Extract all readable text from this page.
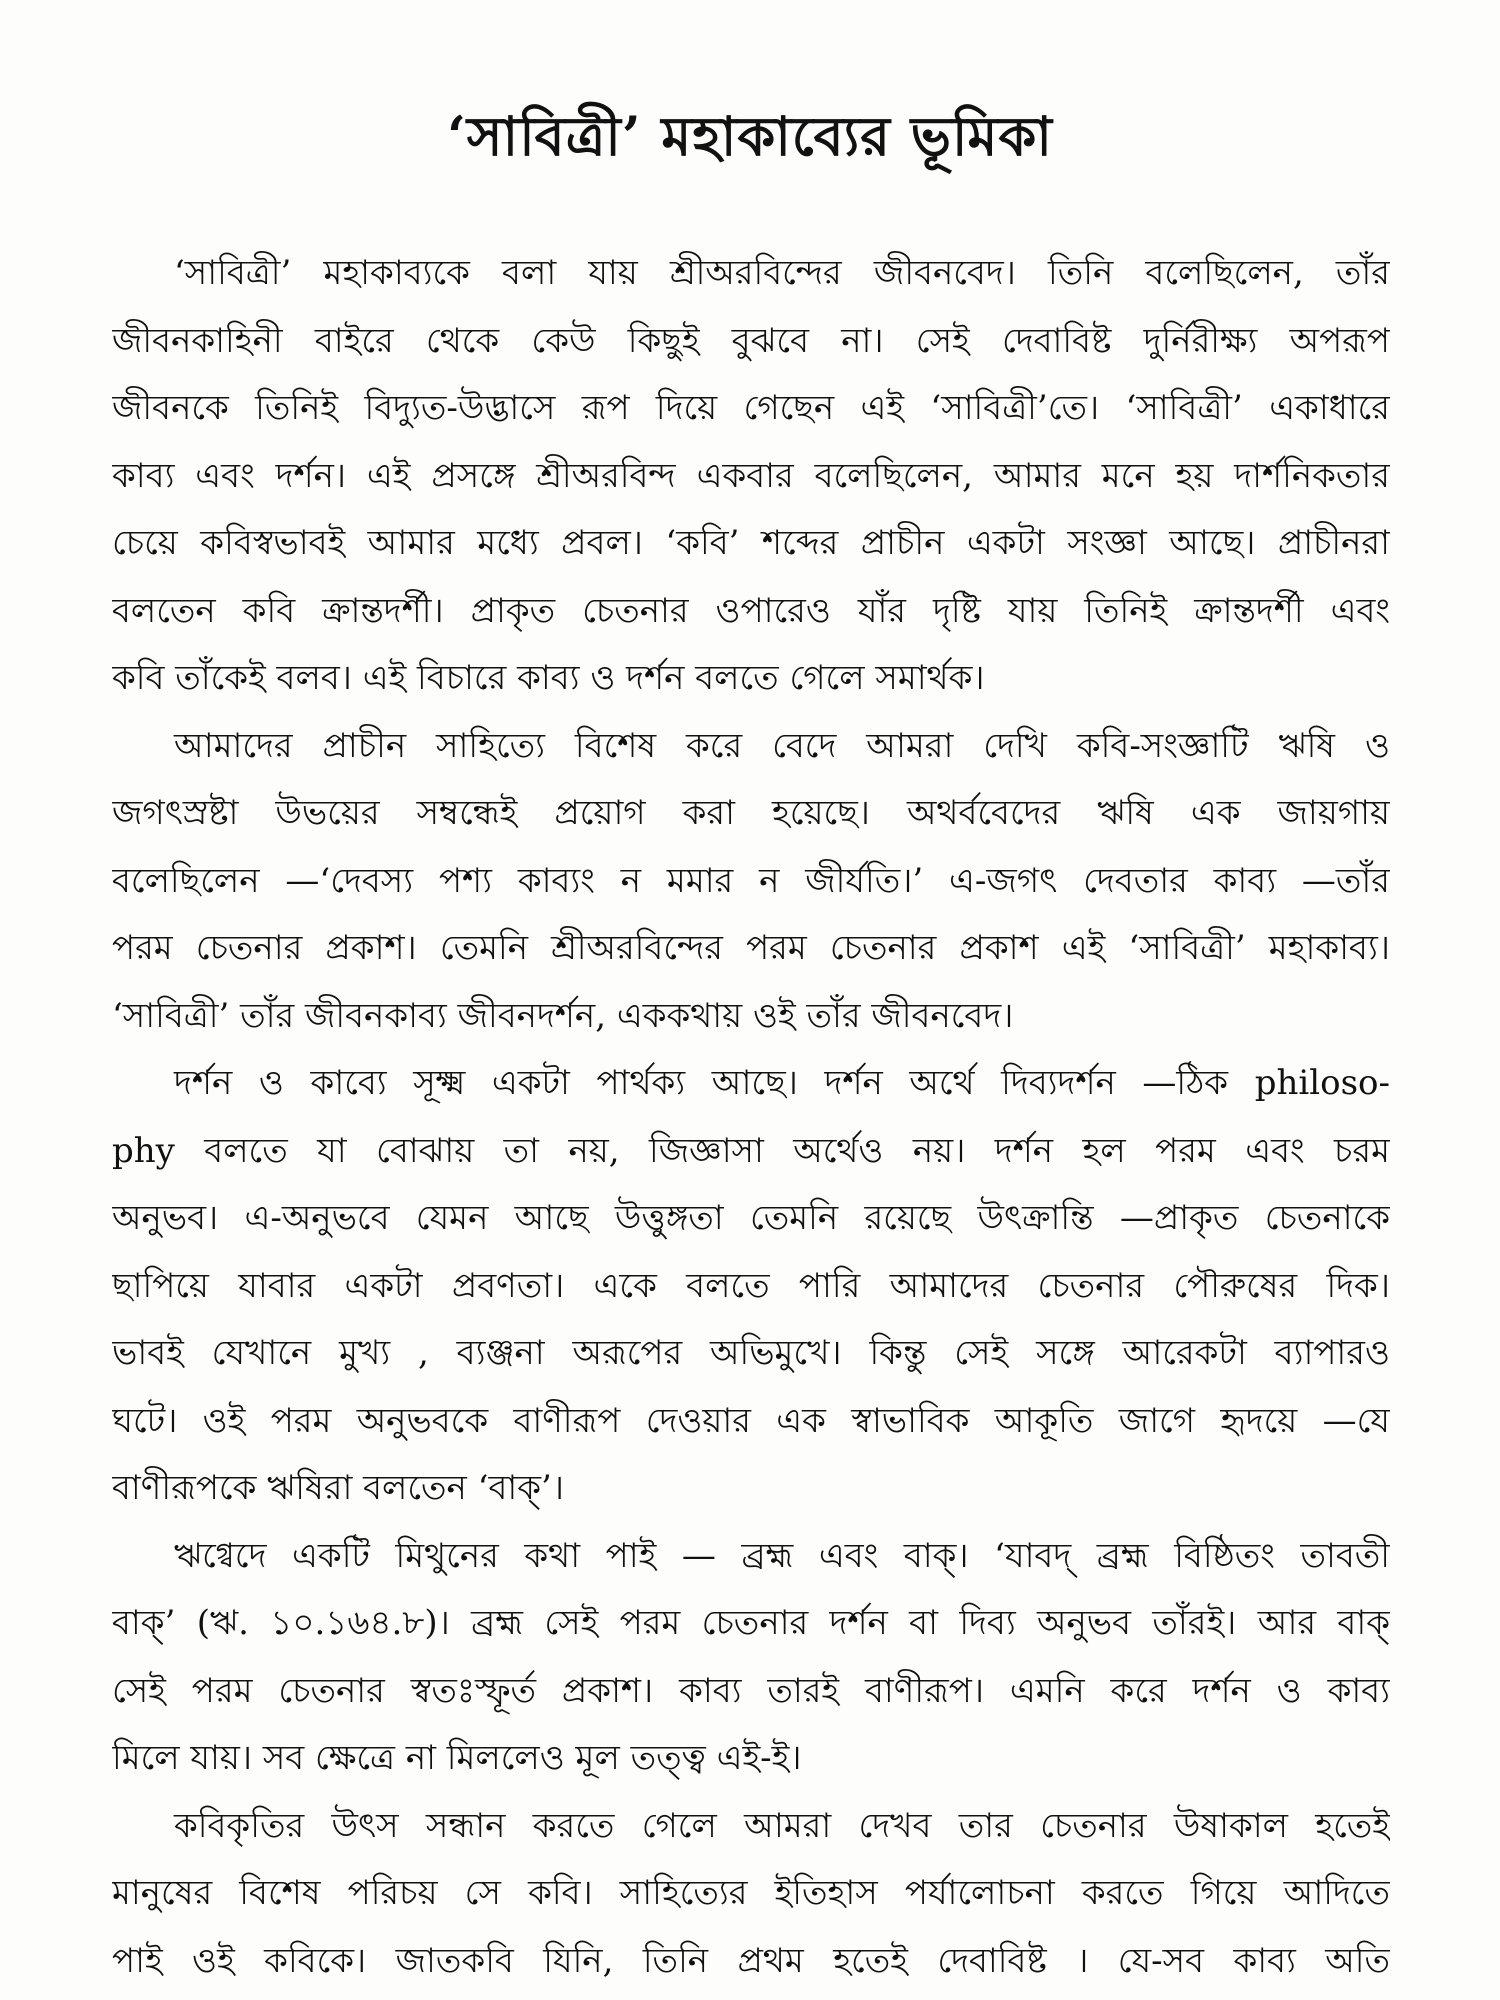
‘সাবিত্রী’ মহাকাব্যের ভূমিকা
‘সাবিত্রী’ মহাকাব্যকে বলা যায় শ্রীঅরবিন্দের জীবনবেদ। তিনি বলেছিলেন, তাঁর
জীবনকাহিনী বাইরে থেকে কেউ কিছুই বুঝবে না। সেই দেবাবিষ্ট দুর্নিরীক্ষ্য অপরূপ
জীবনকে তিনিই বিদ্যুত-উদ্ভাসে রূপ দিয়ে গেছেন এই ‘সাবিত্রী’তে। ‘সাবিত্রী’ একাধারে
কাব্য এবং দর্শন। এই প্রসঙ্গে শ্রীঅরবিন্দ একবার বলেছিলেন, আমার মনে হয় দার্শনিকতার
চেয়ে কবিস্বভাবই আমার মধ্যে প্রবল। ‘কবি’ শব্দের প্রাচীন একটা সংজ্ঞা আছে। প্রাচীনরা
বলতেন কবি ক্রান্তদর্শী। প্রাকৃত চেতনার ওপারেও যাঁর দৃষ্টি যায় তিনিই ক্রান্তদর্শী এবং
কবি তাঁকেই বলব। এই বিচারে কাব্য ও দর্শন বলতে গেলে সমার্থক।
আমাদের প্রাচীন সাহিত্যে বিশেষ করে বেদে আমরা দেখি কবি-সংজ্ঞাটি ঋষি ও
জগৎস্রষ্টা উভয়ের সম্বন্ধেই প্রয়োগ করা হয়েছে। অথর্ববেদের ঋষি এক জায়গায়
বলেছিলেন —‘দেবস্য পশ্য কাব্যং ন মমার ন জীর্যতি।’ এ-জগৎ দেবতার কাব্য —তাঁর
পরম চেতনার প্রকাশ। তেমনি শ্রীঅরবিন্দের পরম চেতনার প্রকাশ এই ‘সাবিত্রী’ মহাকাব্য।
‘সাবিত্রী’ তাঁর জীবনকাব্য জীবনদর্শন, এককথায় ওই তাঁর জীবনবেদ।
দর্শন ও কাব্যে সূক্ষ্ম একটা পার্থক্য আছে। দর্শন অর্থে দিব্যদর্শন —ঠিক philoso-
phy বলতে যা বোঝায় তা নয়, জিজ্ঞাসা অর্থেও নয়। দর্শন হল পরম এবং চরম
অনুভব। এ-অনুভবে যেমন আছে উত্তুঙ্গতা তেমনি রয়েছে উৎক্রান্তি —প্রাকৃত চেতনাকে
ছাপিয়ে যাবার একটা প্রবণতা। একে বলতে পারি আমাদের চেতনার পৌরুষের দিক।
ভাবই যেখানে মুখ্য , ব্যঞ্জনা অরূপের অভিমুখে। কিন্তু সেই সঙ্গে আরেকটা ব্যাপারও
ঘটে। ওই পরম অনুভবকে বাণীরূপ দেওয়ার এক স্বাভাবিক আকূতি জাগে হৃদয়ে —যে
বাণীরূপকে ঋষিরা বলতেন ‘বাক্’।
ঋগ্বেদে একটি মিথুনের কথা পাই — ব্রহ্ম এবং বাক্। ‘যাবদ্ ব্রহ্ম বিষ্ঠিতং তাবতী
বাক্’ (ঋ. ১০.১৬৪.৮)। ব্রহ্ম সেই পরম চেতনার দর্শন বা দিব্য অনুভব তাঁরই। আর বাক্
সেই পরম চেতনার স্বতঃস্ফূর্ত প্রকাশ। কাব্য তারই বাণীরূপ। এমনি করে দর্শন ও কাব্য
মিলে যায়। সব ক্ষেত্রে না মিললেও মূল তত্ত্ব এই-ই।
কবিকৃতির উৎস সন্ধান করতে গেলে আমরা দেখব তার চেতনার উষাকাল হতেই
মানুষের বিশেষ পরিচয় সে কবি। সাহিত্যের ইতিহাস পর্যালোচনা করতে গিয়ে আদিতে
পাই ওই কবিকে। জাতকবি যিনি, তিনি প্রথম হতেই দেবাবিষ্ট । যে-সব কাব্য অতি
